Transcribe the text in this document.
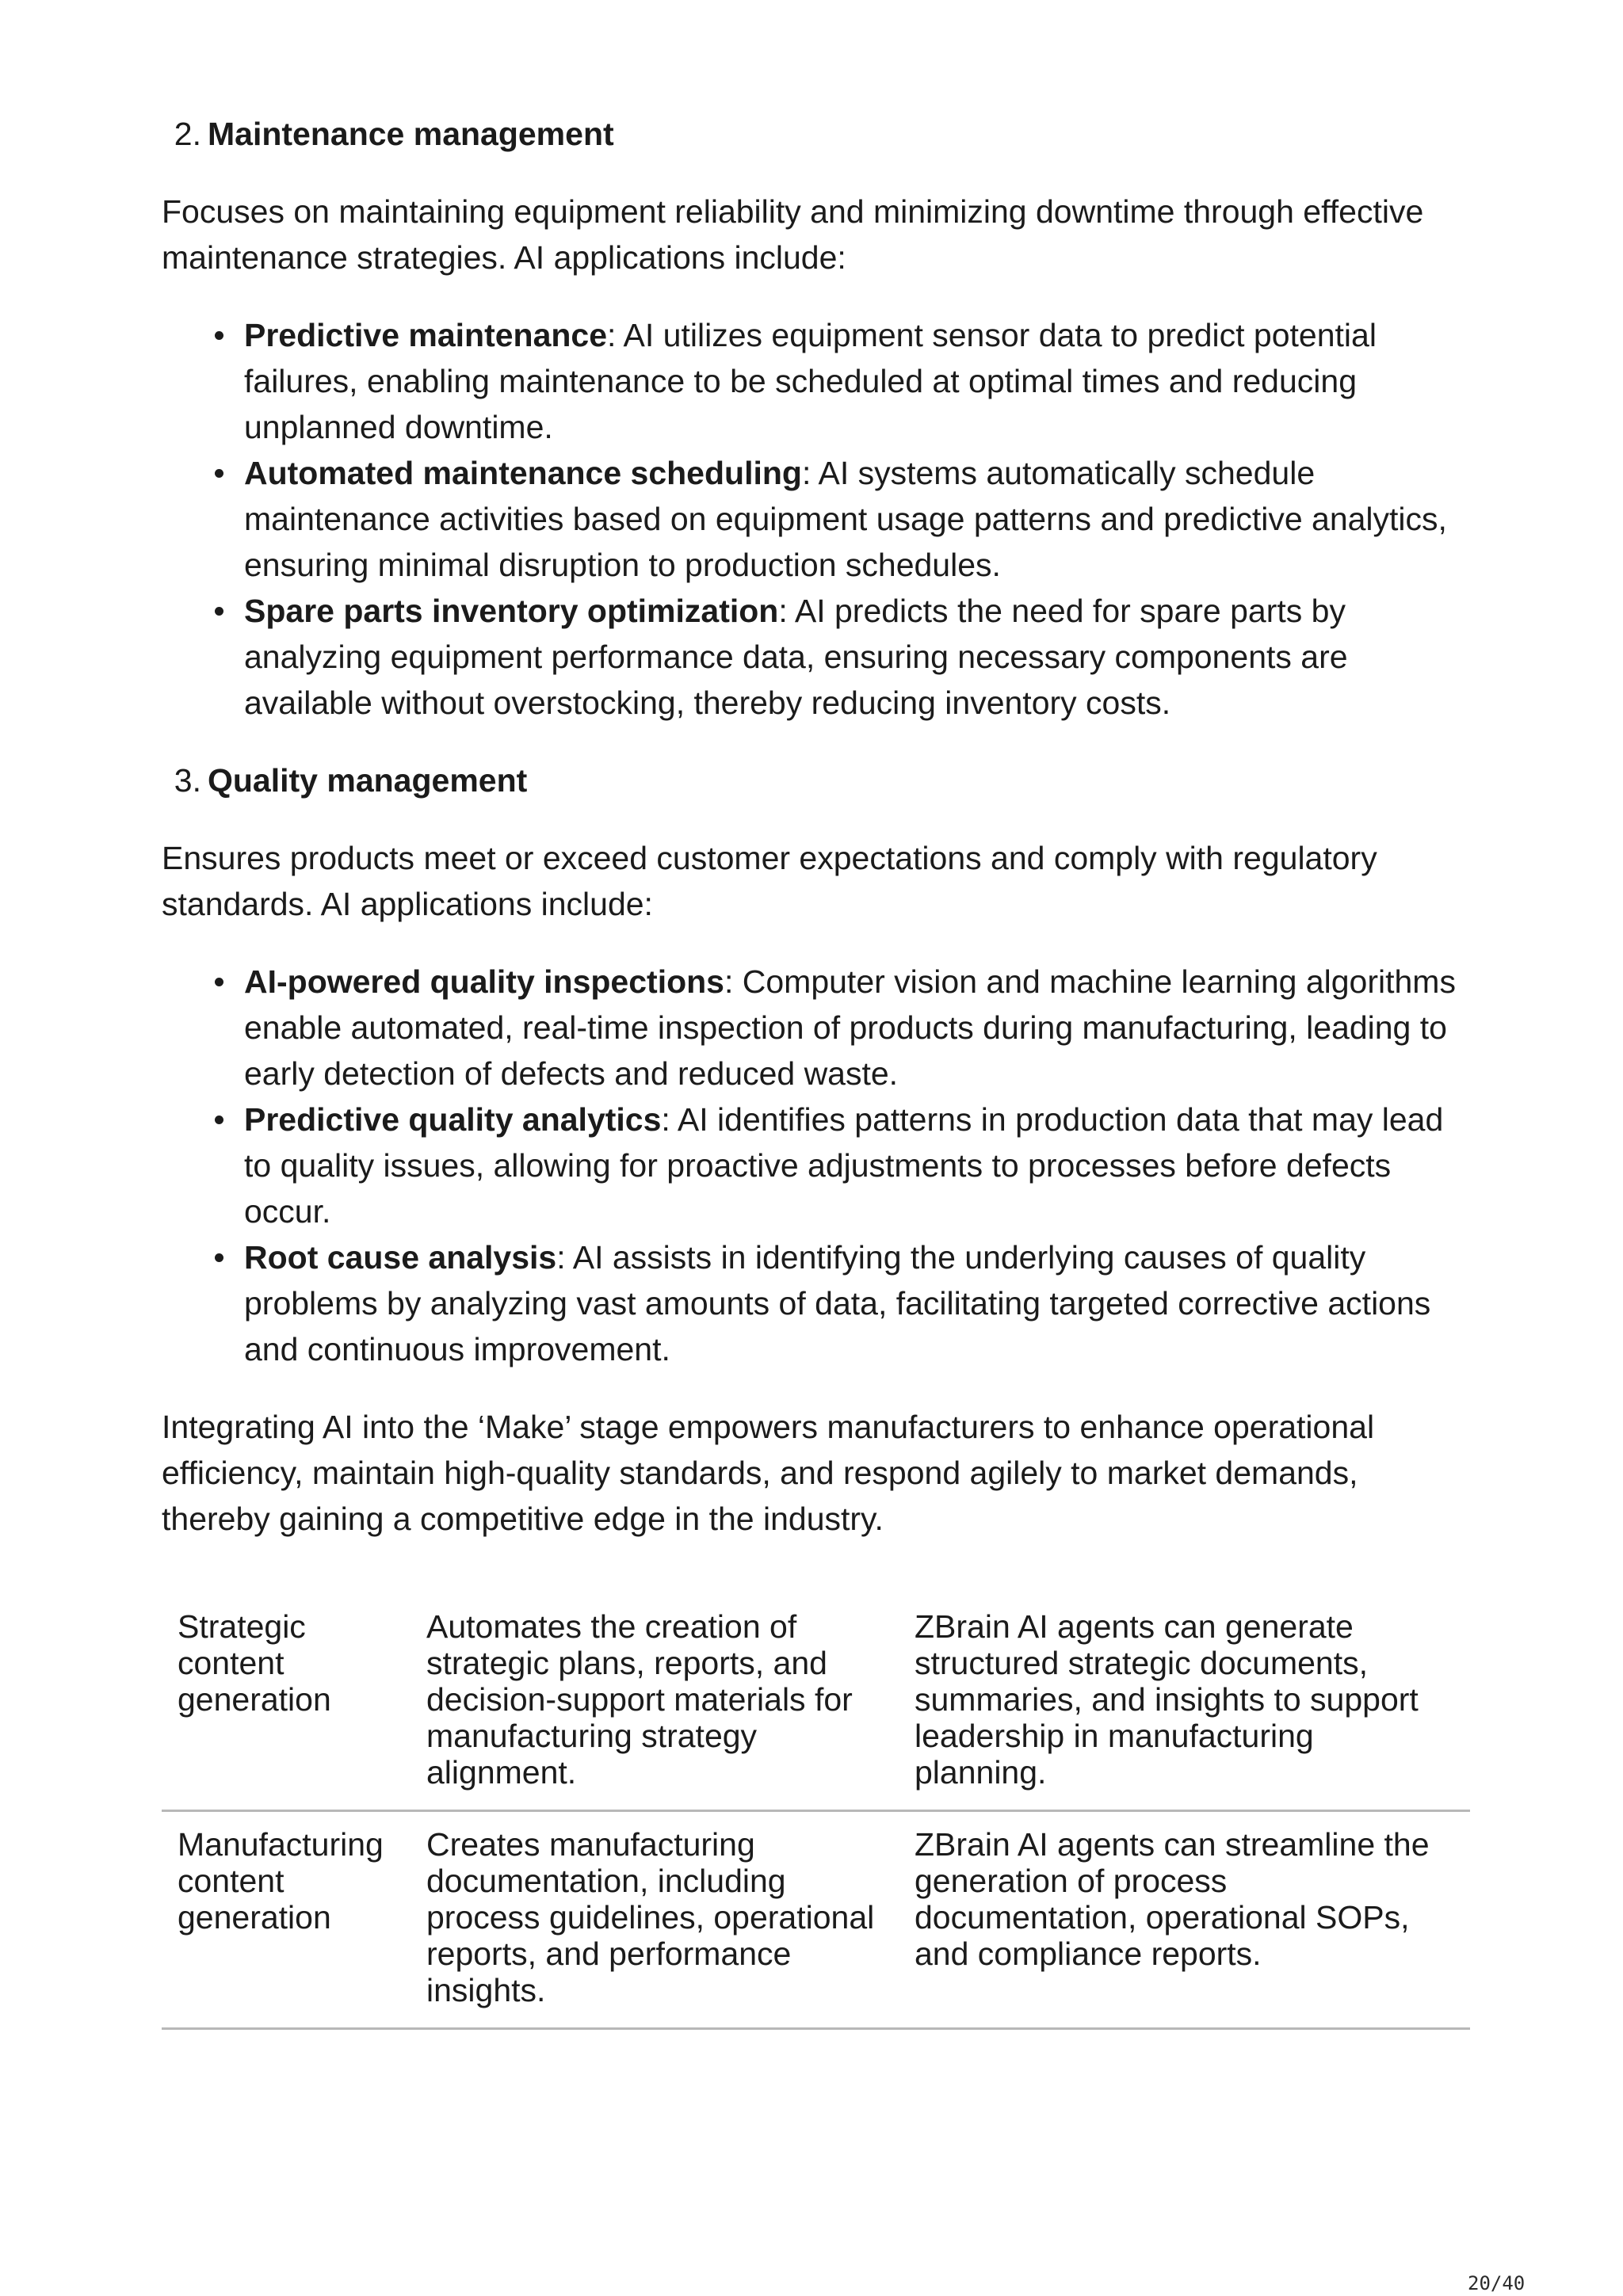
2. Maintenance management

Focuses on maintaining equipment reliability and minimizing downtime through effective maintenance strategies. AI applications include:

Predictive maintenance: AI utilizes equipment sensor data to predict potential failures, enabling maintenance to be scheduled at optimal times and reducing unplanned downtime.
Automated maintenance scheduling: AI systems automatically schedule maintenance activities based on equipment usage patterns and predictive analytics, ensuring minimal disruption to production schedules.
Spare parts inventory optimization: AI predicts the need for spare parts by analyzing equipment performance data, ensuring necessary components are available without overstocking, thereby reducing inventory costs.
3. Quality management

Ensures products meet or exceed customer expectations and comply with regulatory standards. AI applications include:

AI-powered quality inspections: Computer vision and machine learning algorithms enable automated, real-time inspection of products during manufacturing, leading to early detection of defects and reduced waste.
Predictive quality analytics: AI identifies patterns in production data that may lead to quality issues, allowing for proactive adjustments to processes before defects occur.
Root cause analysis: AI assists in identifying the underlying causes of quality problems by analyzing vast amounts of data, facilitating targeted corrective actions and continuous improvement.

Integrating AI into the ‘Make’ stage empowers manufacturers to enhance operational efficiency, maintain high-quality standards, and respond agilely to market demands, thereby gaining a competitive edge in the industry.

Strategic content generation	Automates the creation of strategic plans, reports, and decision-support materials for manufacturing strategy alignment.	ZBrain AI agents can generate structured strategic documents, summaries, and insights to support leadership in manufacturing planning.
Manufacturing content generation	Creates manufacturing documentation, including process guidelines, operational reports, and performance insights.	ZBrain AI agents can streamline the generation of process documentation, operational SOPs, and compliance reports.
20/40
